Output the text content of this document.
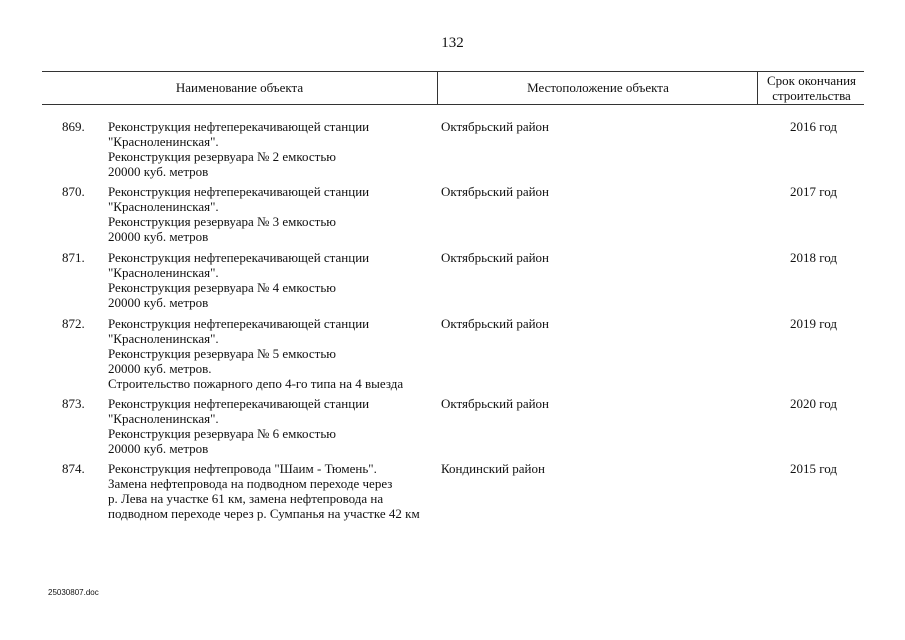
132
Наименование объекта	Местоположение объекта	Срок окончания
строительства
869. Реконструкция нефтеперекачивающей станции
"Красноленинская".
Реконструкция резервуара № 2 емкостью
20000 куб. метров
Октябрьский район	2016 год
870. Реконструкция нефтеперекачивающей станции
"Красноленинская".
Реконструкция резервуара № 3 емкостью
20000 куб. метров
Октябрьский район	2017 год
871. Реконструкция нефтеперекачивающей станции
"Красноленинская".
Реконструкция резервуара № 4 емкостью
20000 куб. метров
Октябрьский район	2018 год
872. Реконструкция нефтеперекачивающей станции
"Красноленинская".
Реконструкция резервуара № 5 емкостью
20000 куб. метров.
Строительство пожарного депо 4-го типа на 4 выезда
Октябрьский район	2019 год
873. Реконструкция нефтеперекачивающей станции
"Красноленинская".
Реконструкция резервуара № 6 емкостью
20000 куб. метров
Октябрьский район	2020 год
874. Реконструкция нефтепровода "Шаим - Тюмень".
Замена нефтепровода на подводном переходе через
р. Лева на участке 61 км, замена нефтепровода на
подводном переходе через р. Сумпанья на участке 42 км
Кондинский район	2015 год
25030807.doc
